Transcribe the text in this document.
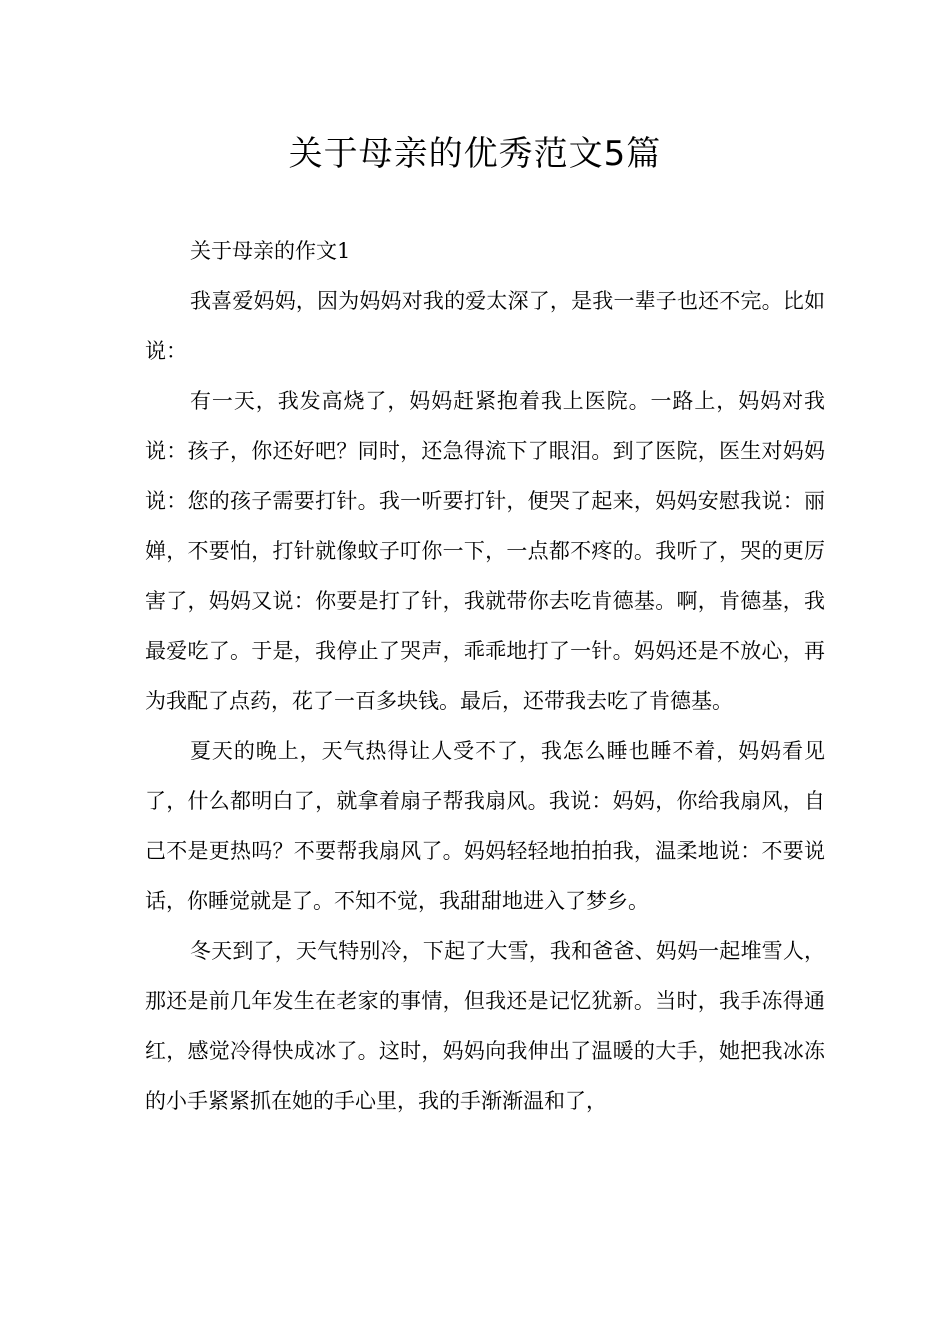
关于母亲的优秀范文5篇

关于母亲的作文1

我喜爱妈妈，因为妈妈对我的爱太深了，是我一辈子也还不完。比如说：

有一天，我发高烧了，妈妈赶紧抱着我上医院。一路上，妈妈对我说：孩子，你还好吧？同时，还急得流下了眼泪。到了医院，医生对妈妈说：您的孩子需要打针。我一听要打针，便哭了起来，妈妈安慰我说：丽婵，不要怕，打针就像蚊子叮你一下，一点都不疼的。我听了，哭的更厉害了，妈妈又说：你要是打了针，我就带你去吃肯德基。啊，肯德基，我最爱吃了。于是，我停止了哭声，乖乖地打了一针。妈妈还是不放心，再为我配了点药，花了一百多块钱。最后，还带我去吃了肯德基。

夏天的晚上，天气热得让人受不了，我怎么睡也睡不着，妈妈看见了，什么都明白了，就拿着扇子帮我扇风。我说：妈妈，你给我扇风，自己不是更热吗？不要帮我扇风了。妈妈轻轻地拍拍我，温柔地说：不要说话，你睡觉就是了。不知不觉，我甜甜地进入了梦乡。

冬天到了，天气特别冷，下起了大雪，我和爸爸、妈妈一起堆雪人，那还是前几年发生在老家的事情，但我还是记忆犹新。当时，我手冻得通红，感觉冷得快成冰了。这时，妈妈向我伸出了温暖的大手，她把我冰冻的小手紧紧抓在她的手心里，我的手渐渐温和了，
